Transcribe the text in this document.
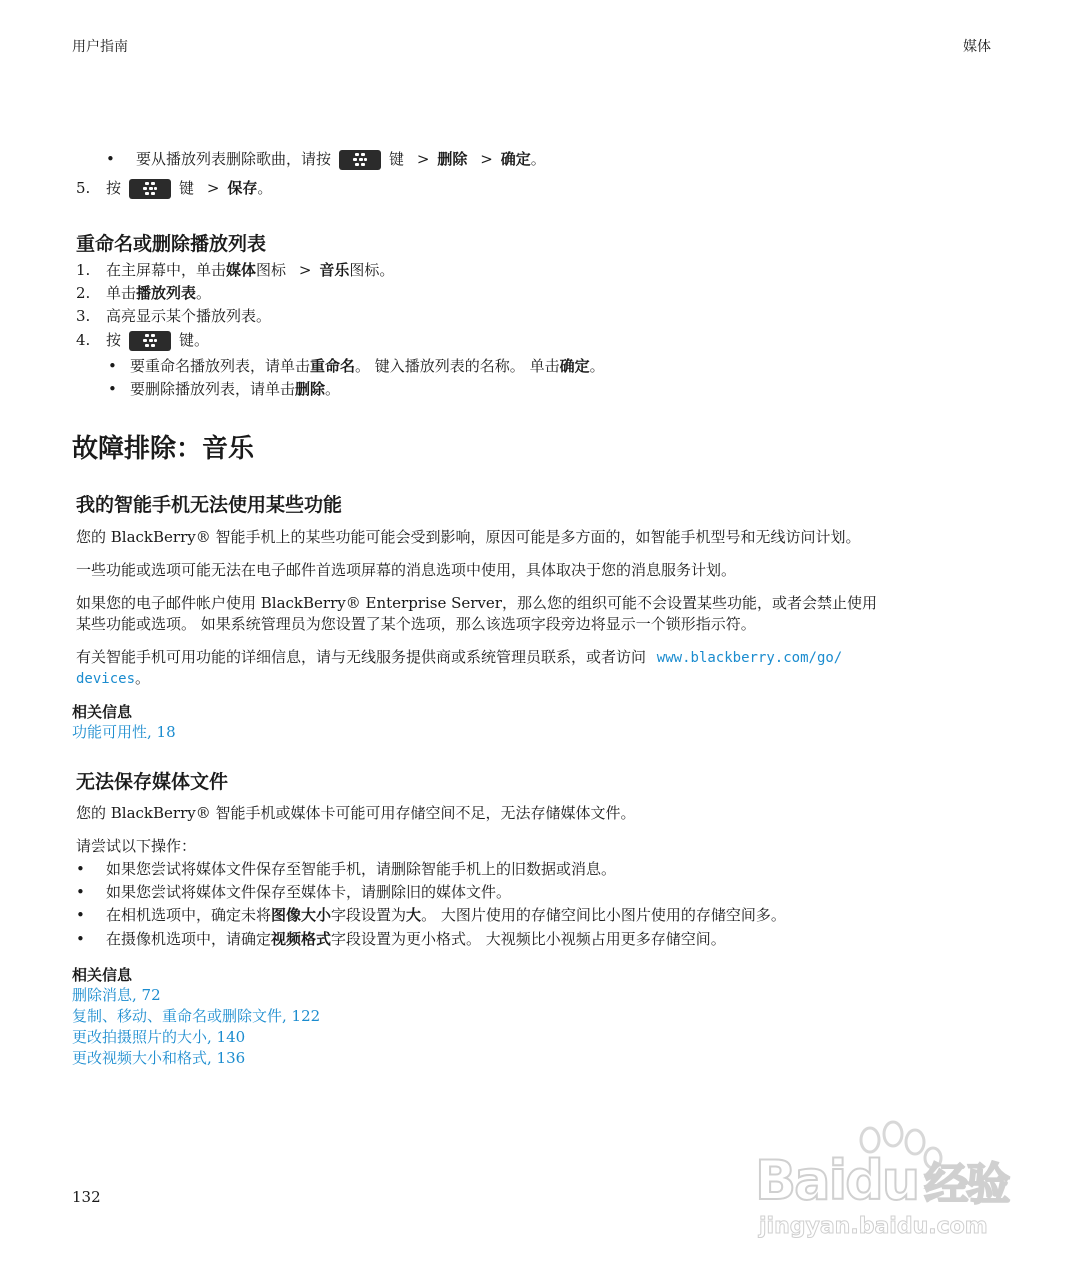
用户指南	媒体
• 要从播放列表删除歌曲，请按	键 > 删除 > 确定。
5. 按	键 > 保存。
重命名或删除播放列表
1. 在主屏幕中，单击媒体图标 > 音乐图标。
2. 单击播放列表。
3. 高亮显示某个播放列表。
4. 按	键。
• 要重命名播放列表，请单击重命名。 键入播放列表的名称。 单击确定。
• 要删除播放列表，请单击删除。
故障排除：音乐
我的智能手机无法使用某些功能
您的 BlackBerry® 智能手机上的某些功能可能会受到影响，原因可能是多方面的，如智能手机型号和无线访问计划。
一些功能或选项可能无法在电子邮件首选项屏幕的消息选项中使用，具体取决于您的消息服务计划。
如果您的电子邮件帐户使用 BlackBerry® Enterprise Server，那么您的组织可能不会设置某些功能，或者会禁止使用
某些功能或选项。 如果系统管理员为您设置了某个选项，那么该选项字段旁边将显示一个锁形指示符。
有关智能手机可用功能的详细信息，请与无线服务提供商或系统管理员联系，或者访问 www.blackberry.com/go/
devices。
相关信息
功能可用性, 18
无法保存媒体文件
您的 BlackBerry® 智能手机或媒体卡可能可用存储空间不足，无法存储媒体文件。
请尝试以下操作：
• 如果您尝试将媒体文件保存至智能手机，请删除智能手机上的旧数据或消息。
• 如果您尝试将媒体文件保存至媒体卡，请删除旧的媒体文件。
• 在相机选项中，确定未将图像大小字段设置为大。 大图片使用的存储空间比小图片使用的存储空间多。
• 在摄像机选项中，请确定视频格式字段设置为更小格式。 大视频比小视频占用更多存储空间。
相关信息
删除消息, 72
复制、移动、重命名或删除文件, 122
更改拍摄照片的大小, 140
更改视频大小和格式, 136
132	Baidu 经验
jingyan.baidu.com
